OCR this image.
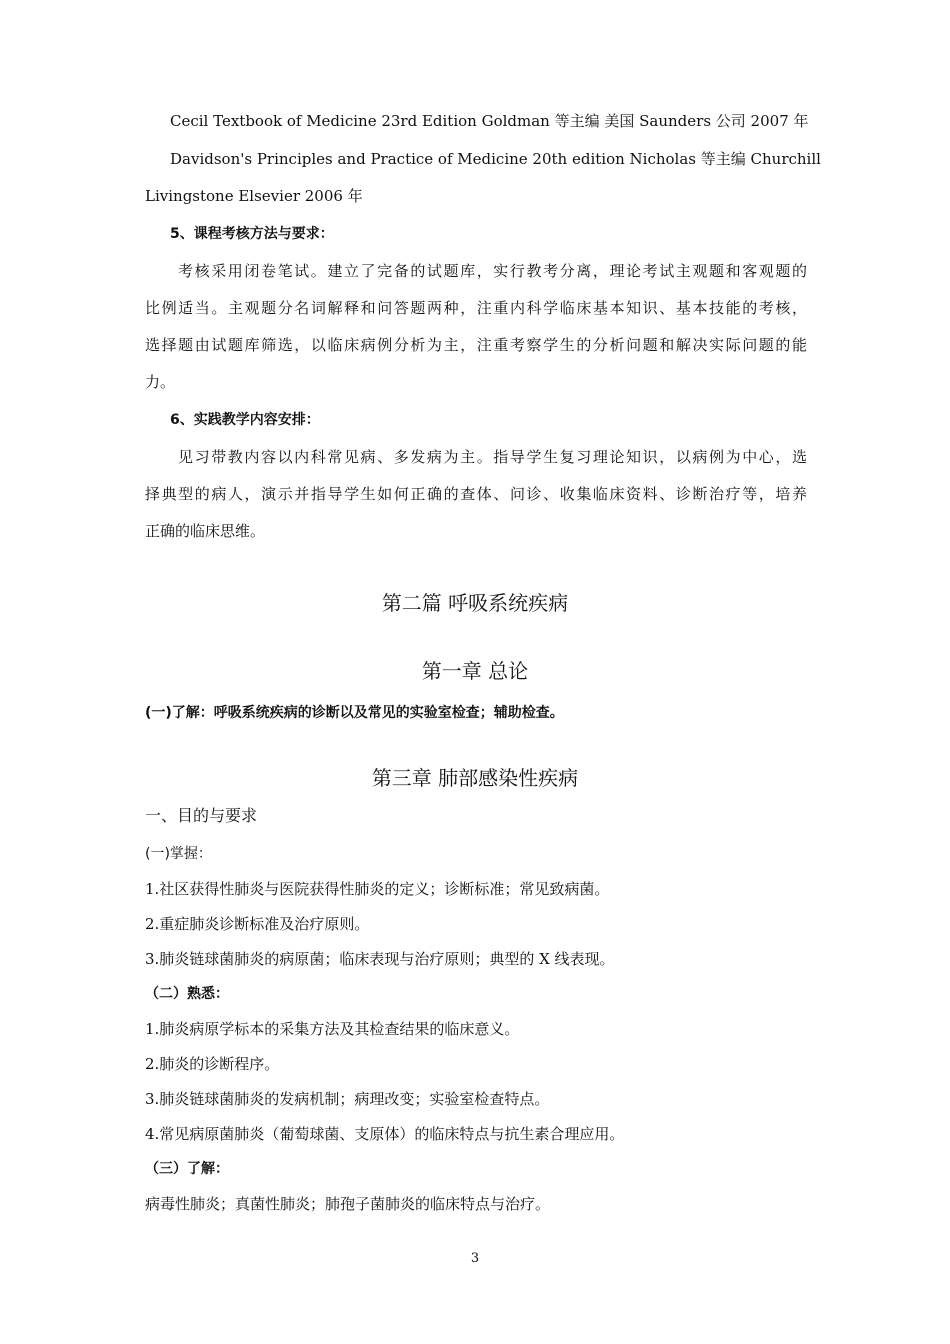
Cecil Textbook of Medicine 23rd Edition Goldman 等主编 美国 Saunders 公司 2007 年
Davidson's Principles and Practice of Medicine 20th edition Nicholas 等主编 Churchill
Livingstone Elsevier 2006 年
5、课程考核方法与要求：
考核采用闭卷笔试。建立了完备的试题库，实行教考分离，理论考试主观题和客观题的
比例适当。主观题分名词解释和问答题两种，注重内科学临床基本知识、基本技能的考核，
选择题由试题库筛选，以临床病例分析为主，注重考察学生的分析问题和解决实际问题的能
力。
6、实践教学内容安排：
见习带教内容以内科常见病、多发病为主。指导学生复习理论知识，以病例为中心，选
择典型的病人，演示并指导学生如何正确的查体、问诊、收集临床资料、诊断治疗等，培养
正确的临床思维。
第二篇 呼吸系统疾病
第一章 总论
(一)了解：呼吸系统疾病的诊断以及常见的实验室检查；辅助检查。
第三章 肺部感染性疾病
一、目的与要求
(一)掌握：
1.社区获得性肺炎与医院获得性肺炎的定义；诊断标准；常见致病菌。
2.重症肺炎诊断标准及治疗原则。
3.肺炎链球菌肺炎的病原菌；临床表现与治疗原则；典型的 X 线表现。
（二）熟悉：
1.肺炎病原学标本的采集方法及其检查结果的临床意义。
2.肺炎的诊断程序。
3.肺炎链球菌肺炎的发病机制；病理改变；实验室检查特点。
4.常见病原菌肺炎（葡萄球菌、支原体）的临床特点与抗生素合理应用。
（三）了解：
病毒性肺炎；真菌性肺炎；肺孢子菌肺炎的临床特点与治疗。
3
